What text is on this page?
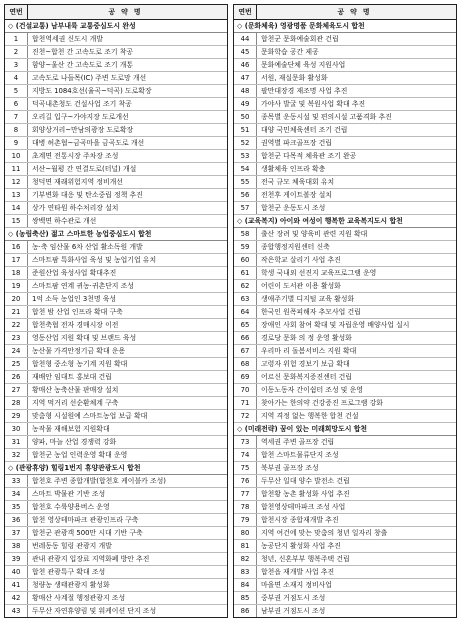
연번	공약명
◇ (건설교통) 남부내륙 교통중심도시 완성
1	합천역세권 신도시 개발
2	진천~합천 간 고속도로 조기 착공
3	함양~울산 간 고속도로 조기 개통
4	고속도로 나들목(IC) 주변 도로망 개선
5	지방도 1084호선(율곡~덕곡) 도로확장
6	덕곡내촌청도 건설사업 조기 착공
7	오리길 입구~가야지장 도로개선
8	회양상거리~만남의광장 도로확장
9	대병 허촌협~금곡마을 금곡도로 개선
10	초계면 전통시장 주차장 조성
11	서산~월평 간 연결도로(터널) 개설
12	청덕면 재래위험지역 정비개선
13	기부변화 대응 및 탄소중립 정책 추진
14	상가 연타원 하수처리장 설치
15	쌍백면 하수관로 개선
◇ (농림축산) 젊고 스마트한 농업중심도시 합천
16	농·축 임산물 6차 산업 활소독원 개발
17	스마트팜 특화사업 육성 및 농업기업 유치
18	준원산업 육성사업 확대추진
19	스마트팜 연계 귀농·귀촌단지 조성
20	1억 소득 농업인 3천명 육성
21	합천 밤 산업 인프라 확대 구축
22	합천축협 전자 경매시장 이전
23	영동산업 지원 확대 및 브랜드 육성
24	농산물 가격안정기금 확대 운용
25	합천형 중소형 농기계 지원 확대
26	재배안 임대트 홍보대 건립
27	황매산 농축산물 판매장 설치
28	지역 먹거리 선순환체계 구축
29	맞춤형 시설원예 스마트농업 보급 확대
30	농작물 재해보험 지원확대
31	양파, 마늘 산업 경쟁력 강화
32	합천군 농업 인력운영 확대 운영
◇ (관광휴양) 힐링1번지 휴양관광도시 합천
33	합천호 주변 종합개발(합천호 케이블카 조성)
34	스마트 박물관 기반 조성
35	합천호 수륙양용버스 운영
36	합천 영상테마파크 관광인프라 구축
37	합천군 관광객 500만 시대 기반 구축
38	번레동동 힐링 관광지 개발
39	관내 관광지 입장료 지역화폐 방안 추진
40	합천 관광특구 확대 조성
41	청량농 생태관광지 활성화
42	황매산 사계절 행정관광지 조성
43	두무산 자연휴양림 및 워케이션 단지 조성
연번	공약명
◇ (문화체육) 영광명품 문화체육도시 합천
44	합천군 문화예술회관 건립
45	문화학습 공간 제공
46	문화예술단체 육성 지원사업
47	서원, 재실문화 활성화
48	팔만대장경 재조명 사업 추진
49	가야사 발굴 및 복원사업 확대 추진
50	종목별 운동시설 및 편의시설 고품격화 추진
51	대양 국민체육센터 조기 건립
52	권역별 파크골프장 건립
53	합천군 다목적 체육관 조기 완공
54	생활체육 인프라 확충
55	전국 규모 체육대회 유치
56	전천후 게이트볼장 설치
57	합천군 운동도시 조성
◇ (교육복지) 아이와 여성이 행복한 교육복지도시 합천
58	출산 장려 및 양육비 관련 지원 확대
59	종합행정지원센터 신축
60	작은학교 살리기 사업 추진
61	학생 국내외 선진지 교육프로그램 운영
62	어린이 도서관 이용 활성화
63	생애주기별 디지털 교육 활성화
64	한국인 원폭피해자 추모사업 건립
65	장애인 사회 참여 확대 및 자립운영 배양사업 실시
66	경로당 문화 의 정 운영 활성화
67	우리마 리 돌봄서비스 지원 확대
68	고령자 위험 경보기 보급 확대
69	어르신 문화복지증진센터 건립
70	이동노동자 간이쉼터 조성 및 운영
71	찾아가는 한의약 건강증진 프로그램 강화
72	지역 격정 없는 행복한 합천 건설
◇ (미래전략) 꿈이 있는 미래희망도시 합천
73	역세권 주변 골프장 건립
74	합천 스마트물류단지 조성
75	북부권 골프장 조성
76	두무산 일대 양수 발전소 건립
77	합천황 농촌 활성화 사업 추진
78	합천영상테마파크 조성 사업
79	합천시장 종합재개발 추진
80	지역 여건에 맞는 맞춤의 청년 일자리 창출
81	농공단지 활성화 사업 추진
82	청년, 신혼부부 행복주택 건립
83	합천읍 재개발 사업 추진
84	마을면 소재지 정비사업
85	중부권 거점도시 조성
86	남부권 거점도시 조성
